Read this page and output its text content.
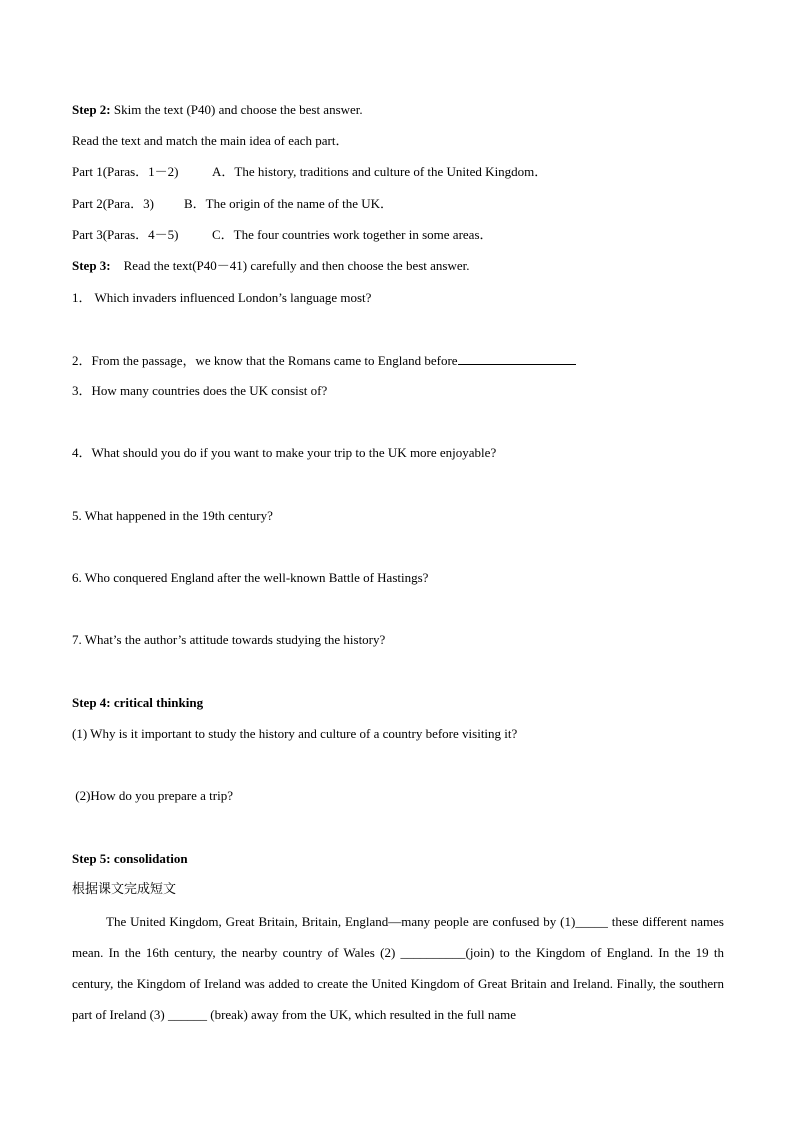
Step 2: Skim the text (P40) and choose the best answer.

Read the text and match the main idea of each part．

Part 1(Paras．1－2)	A．The history, traditions and culture of the United Kingdom．

Part 2(Para．3) B．The origin of the name of the UK．

Part 3(Paras．4－5)	C．The four countries work together in some areas．

Step 3:    Read the text(P40－41) carefully and then choose the best answer.

1． Which invaders influenced London’s language most?

2．From the passage，we know that the Romans came to England before

3．How many countries does the UK consist of?

4．What should you do if you want to make your trip to the UK more enjoyable?

5. What happened in the 19th century?

6. Who conquered England after the well-known Battle of Hastings?

7. What’s the author’s attitude towards studying the history?

Step 4: critical thinking

(1) Why is it important to study the history and culture of a country before visiting it?

(2)How do you prepare a trip?

Step 5: consolidation

根据课文完成短文

The United Kingdom, Great Britain, Britain, England—many people are confused by (1)_____ these different names mean. In the 16th century, the nearby country of Wales (2) __________(join) to the Kingdom of England. In the 19 th century, the Kingdom of Ireland was added to create the United Kingdom of Great Britain and Ireland. Finally, the southern part of Ireland (3) ______ (break) away from the UK, which resulted in the full name
